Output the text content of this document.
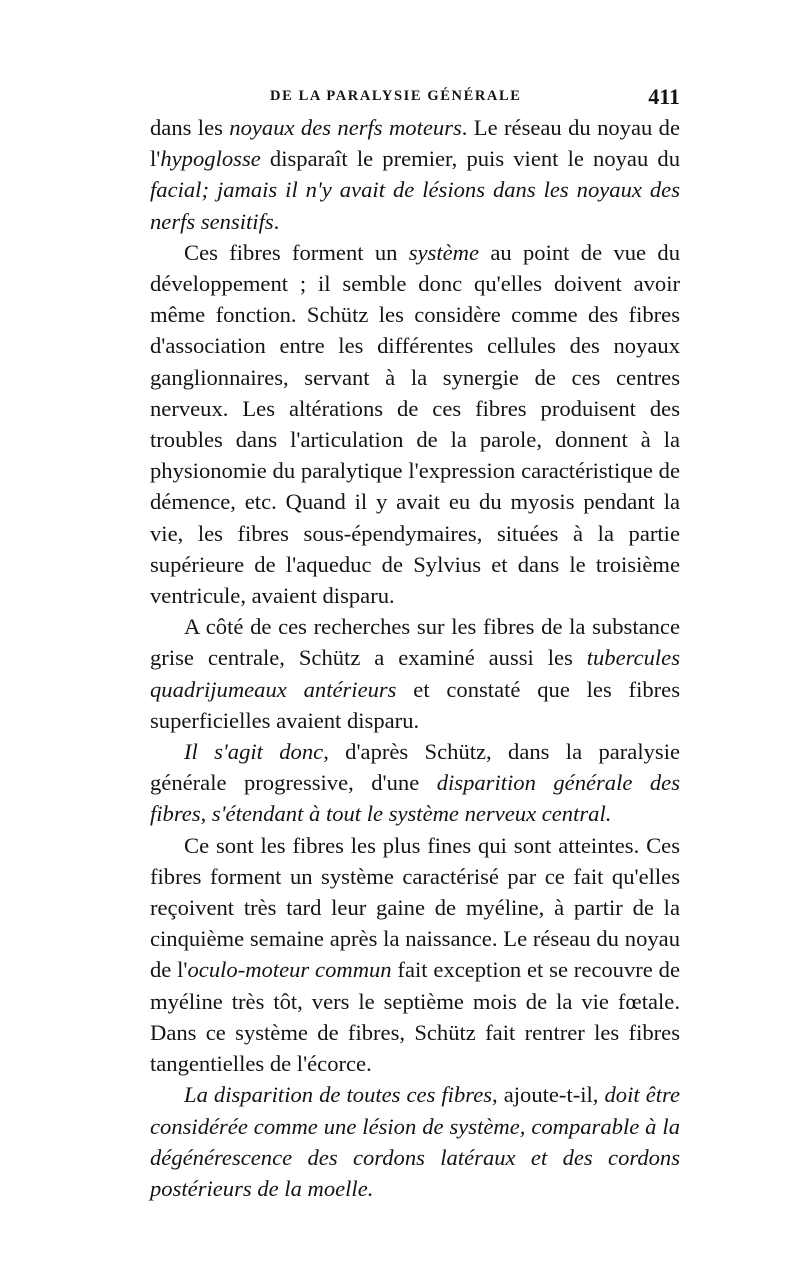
DE LA PARALYSIE GÉNÉRALE	411

dans les noyaux des nerfs moteurs. Le réseau du noyau de l'hypoglosse disparaît le premier, puis vient le noyau du facial; jamais il n'y avait de lésions dans les noyaux des nerfs sensitifs.

Ces fibres forment un système au point de vue du développement ; il semble donc qu'elles doivent avoir même fonction. Schütz les considère comme des fibres d'association entre les différentes cellules des noyaux ganglionnaires, servant à la synergie de ces centres nerveux. Les altérations de ces fibres produisent des troubles dans l'articulation de la parole, donnent à la physionomie du paralytique l'expression caractéristique de démence, etc. Quand il y avait eu du myosis pendant la vie, les fibres sous-épendymaires, situées à la partie supérieure de l'aqueduc de Sylvius et dans le troisième ventricule, avaient disparu.

A côté de ces recherches sur les fibres de la substance grise centrale, Schütz a examiné aussi les tubercules quadrijumeaux antérieurs et constaté que les fibres superficielles avaient disparu.

Il s'agit donc, d'après Schütz, dans la paralysie générale progressive, d'une disparition générale des fibres, s'étendant à tout le système nerveux central.

Ce sont les fibres les plus fines qui sont atteintes. Ces fibres forment un système caractérisé par ce fait qu'elles reçoivent très tard leur gaine de myéline, à partir de la cinquième semaine après la naissance. Le réseau du noyau de l'oculo-moteur commun fait exception et se recouvre de myéline très tôt, vers le septième mois de la vie fœtale. Dans ce système de fibres, Schütz fait rentrer les fibres tangentielles de l'écorce.

La disparition de toutes ces fibres, ajoute-t-il, doit être considérée comme une lésion de système, comparable à la dégénérescence des cordons latéraux et des cordons postérieurs de la moelle.
